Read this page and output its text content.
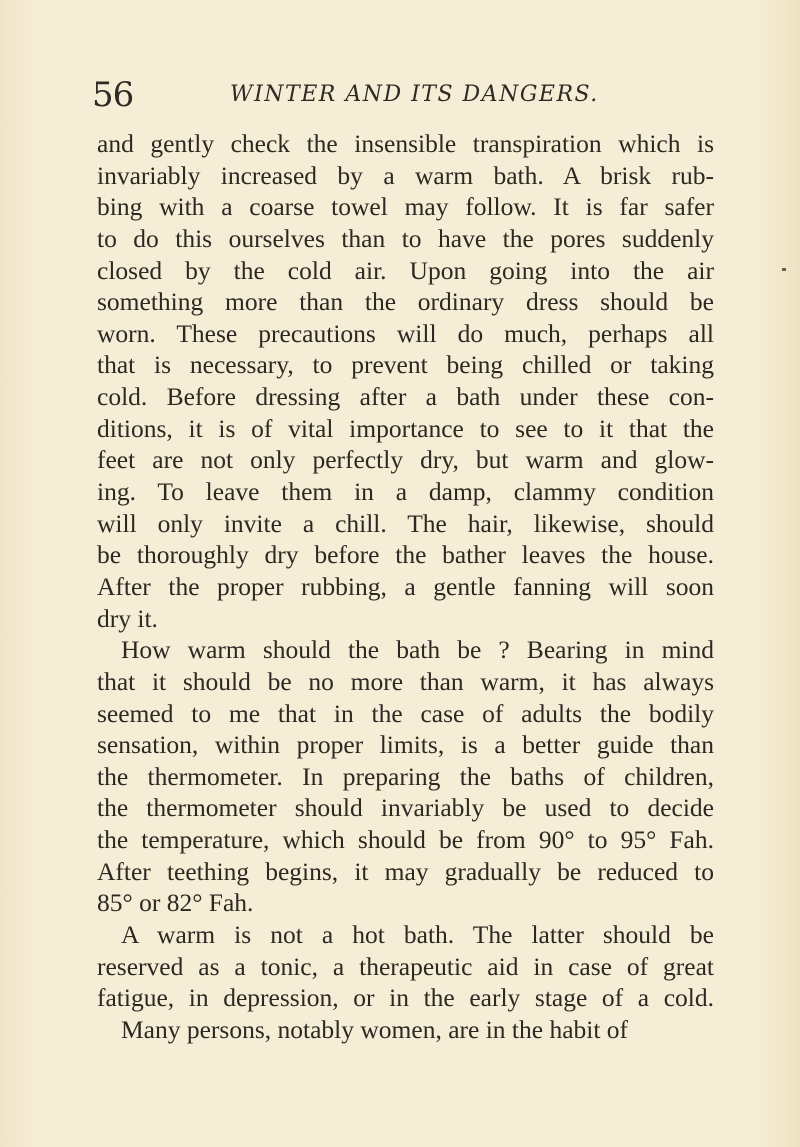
56	WINTER AND ITS DANGERS.
and gently check the insensible transpiration which is
invariably increased by a warm bath. A brisk rub-
bing with a coarse towel may follow. It is far safer
to do this ourselves than to have the pores suddenly
closed by the cold air. Upon going into the air
something more than the ordinary dress should be
worn. These precautions will do much, perhaps all
that is necessary, to prevent being chilled or taking
cold. Before dressing after a bath under these con-
ditions, it is of vital importance to see to it that the
feet are not only perfectly dry, but warm and glow-
ing. To leave them in a damp, clammy condition
will only invite a chill. The hair, likewise, should
be thoroughly dry before the bather leaves the house.
After the proper rubbing, a gentle fanning will soon
dry it.
How warm should the bath be ? Bearing in mind
that it should be no more than warm, it has always
seemed to me that in the case of adults the bodily
sensation, within proper limits, is a better guide than
the thermometer. In preparing the baths of children,
the thermometer should invariably be used to decide
the temperature, which should be from 90° to 95° Fah.
After teething begins, it may gradually be reduced to
85° or 82° Fah.
A warm is not a hot bath. The latter should be
reserved as a tonic, a therapeutic aid in case of great
fatigue, in depression, or in the early stage of a cold.
Many persons, notably women, are in the habit of
